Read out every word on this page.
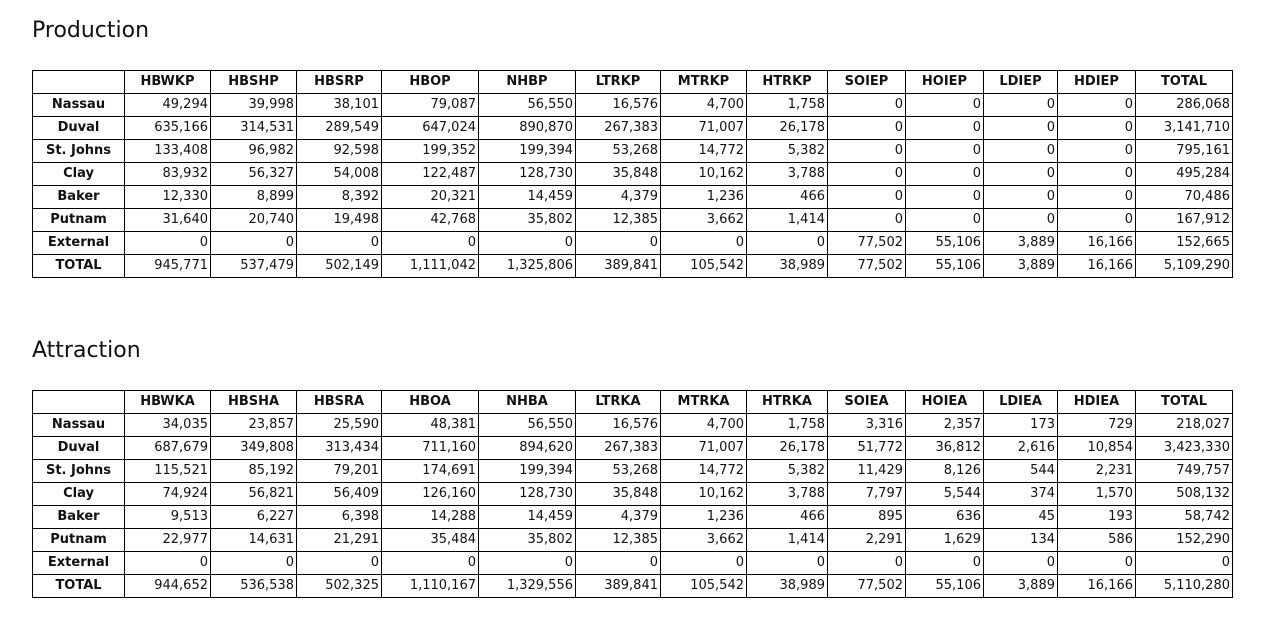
Production
	HBWKP	HBSHP	HBSRP	HBOP	NHBP	LTRKP	MTRKP	HTRKP	SOIEP	HOIEP	LDIEP	HDIEP	TOTAL
Nassau	49,294	39,998	38,101	79,087	56,550	16,576	4,700	1,758	0	0	0	0	286,068
Duval	635,166	314,531	289,549	647,024	890,870	267,383	71,007	26,178	0	0	0	0	3,141,710
St. Johns	133,408	96,982	92,598	199,352	199,394	53,268	14,772	5,382	0	0	0	0	795,161
Clay	83,932	56,327	54,008	122,487	128,730	35,848	10,162	3,788	0	0	0	0	495,284
Baker	12,330	8,899	8,392	20,321	14,459	4,379	1,236	466	0	0	0	0	70,486
Putnam	31,640	20,740	19,498	42,768	35,802	12,385	3,662	1,414	0	0	0	0	167,912
External	0	0	0	0	0	0	0	0	77,502	55,106	3,889	16,166	152,665
TOTAL	945,771	537,479	502,149	1,111,042	1,325,806	389,841	105,542	38,989	77,502	55,106	3,889	16,166	5,109,290
Attraction
	HBWKA	HBSHA	HBSRA	HBOA	NHBA	LTRKA	MTRKA	HTRKA	SOIEA	HOIEA	LDIEA	HDIEA	TOTAL
Nassau	34,035	23,857	25,590	48,381	56,550	16,576	4,700	1,758	3,316	2,357	173	729	218,027
Duval	687,679	349,808	313,434	711,160	894,620	267,383	71,007	26,178	51,772	36,812	2,616	10,854	3,423,330
St. Johns	115,521	85,192	79,201	174,691	199,394	53,268	14,772	5,382	11,429	8,126	544	2,231	749,757
Clay	74,924	56,821	56,409	126,160	128,730	35,848	10,162	3,788	7,797	5,544	374	1,570	508,132
Baker	9,513	6,227	6,398	14,288	14,459	4,379	1,236	466	895	636	45	193	58,742
Putnam	22,977	14,631	21,291	35,484	35,802	12,385	3,662	1,414	2,291	1,629	134	586	152,290
External	0	0	0	0	0	0	0	0	0	0	0	0	0
TOTAL	944,652	536,538	502,325	1,110,167	1,329,556	389,841	105,542	38,989	77,502	55,106	3,889	16,166	5,110,280
